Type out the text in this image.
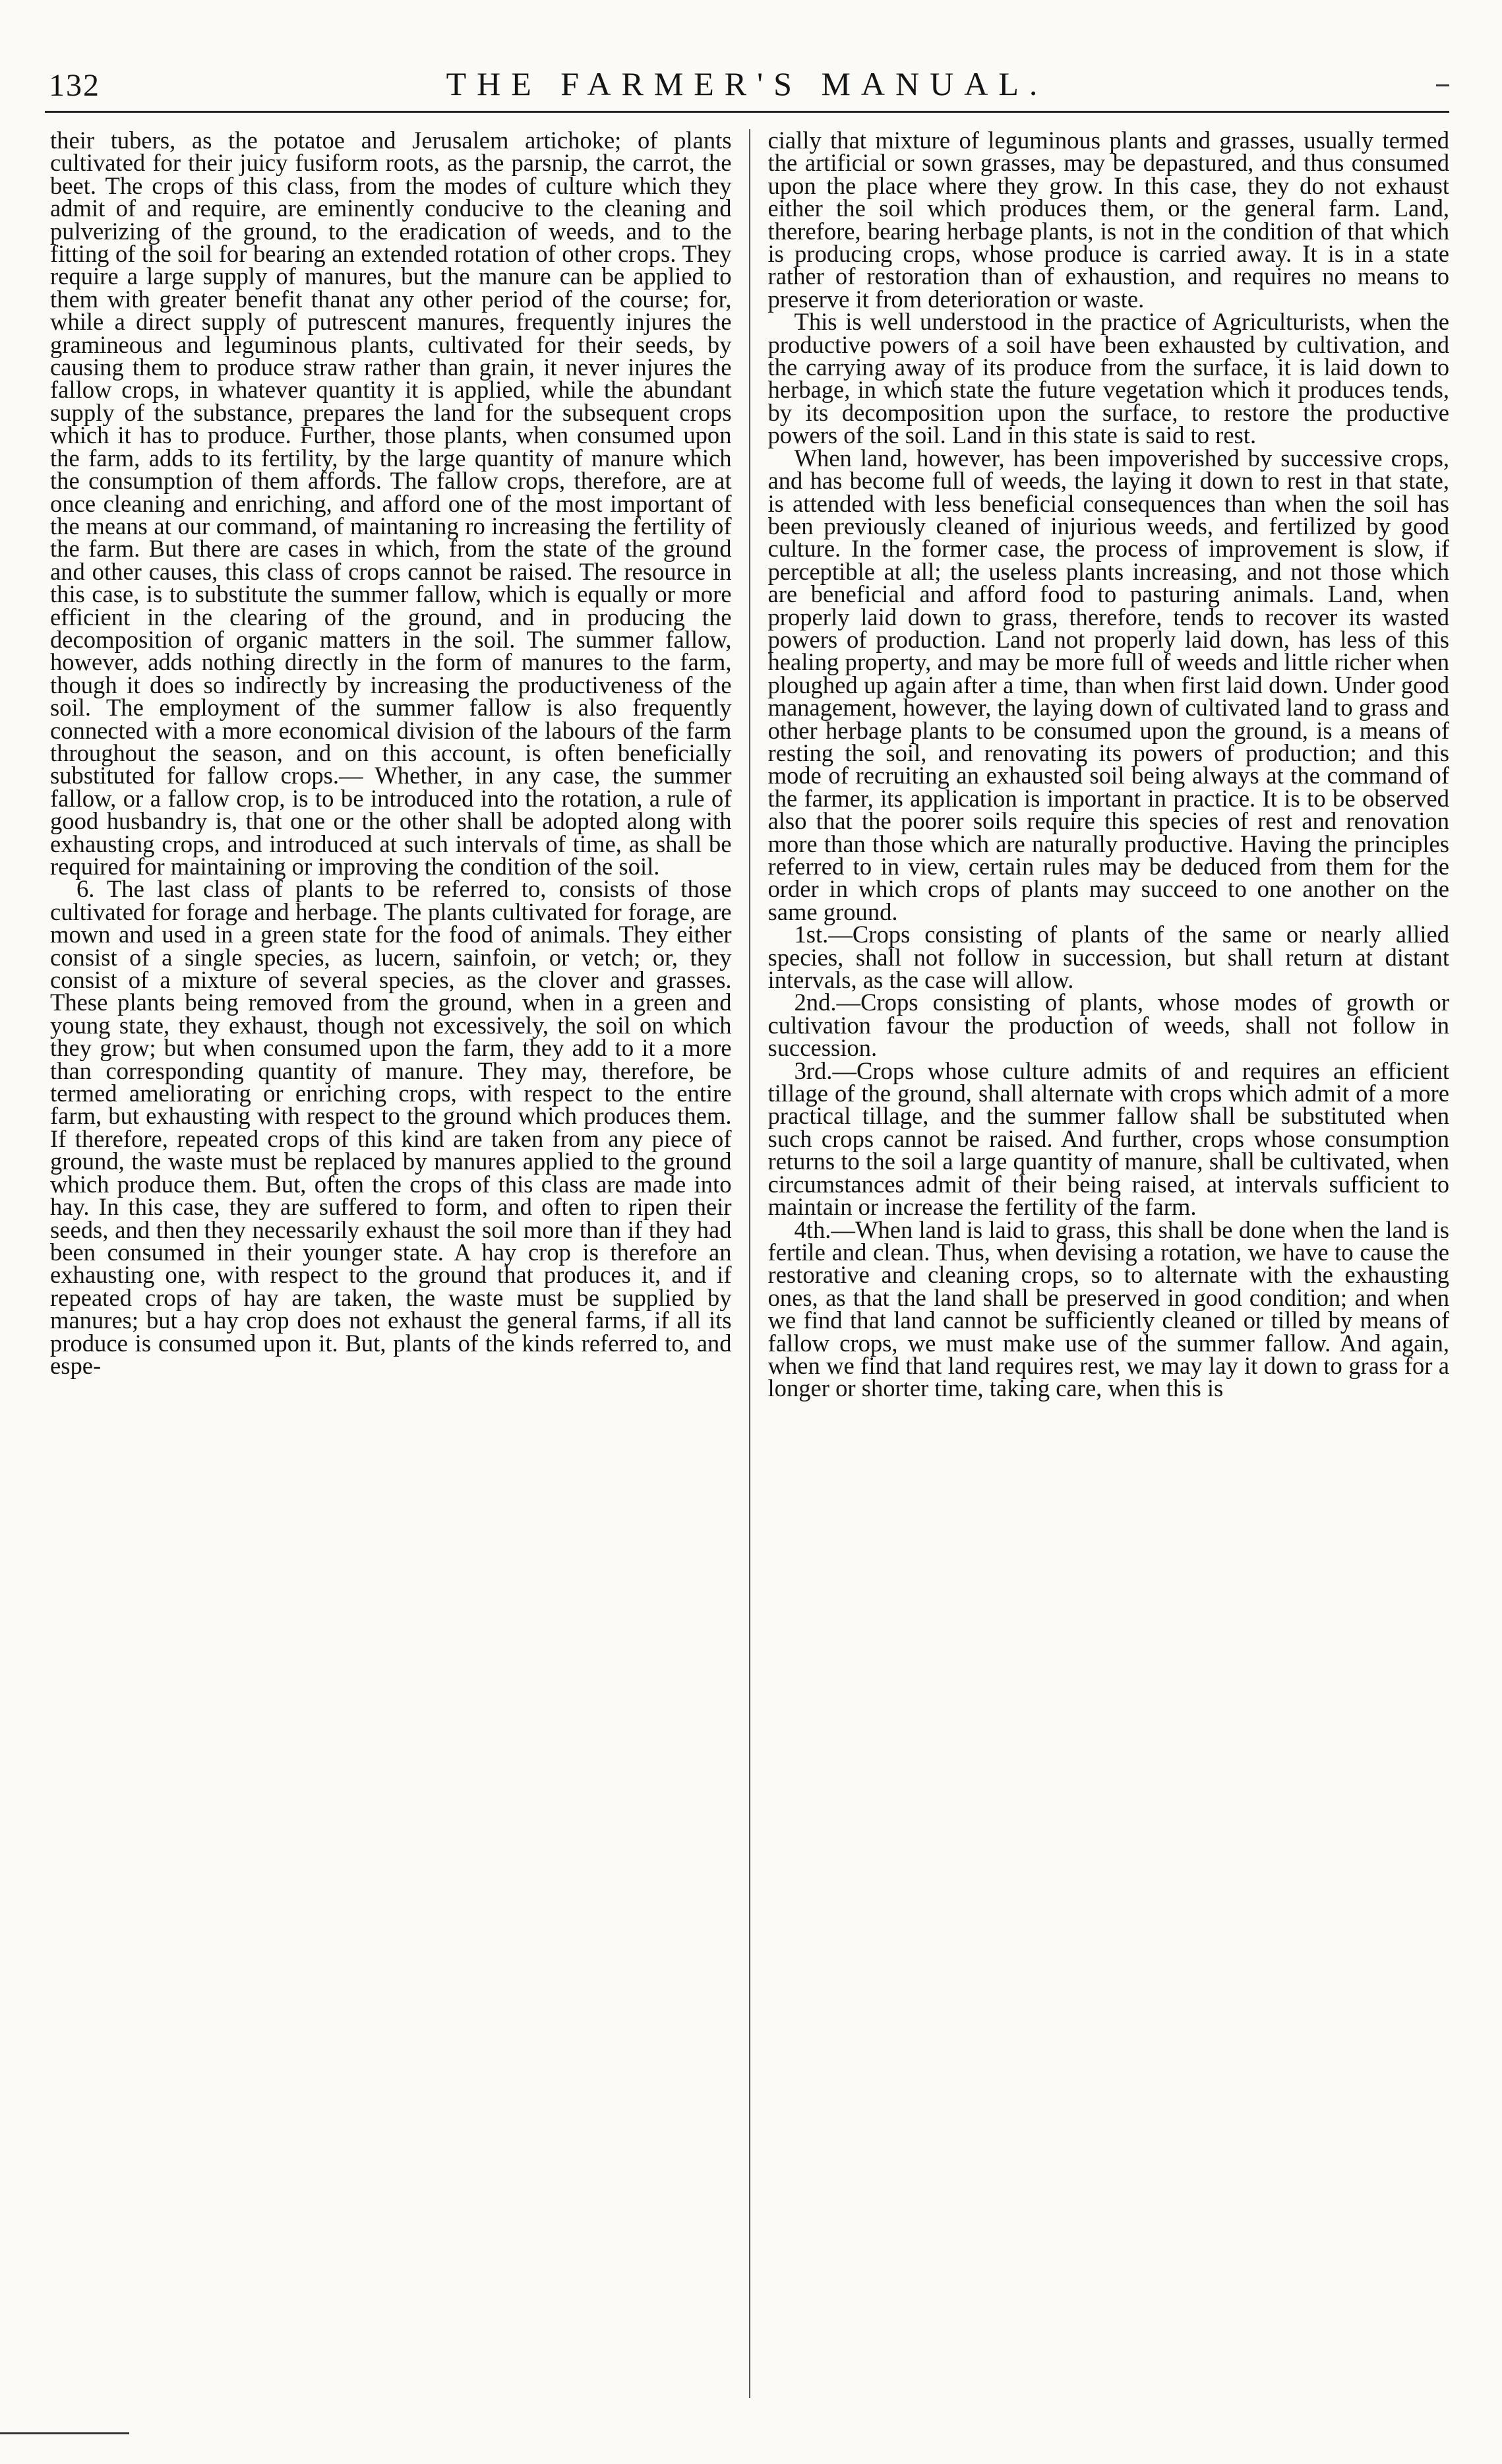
132	THE FARMER'S MANUAL.

their tubers, as the potatoe and Jerusalem artichoke; of plants cultivated for their juicy fusiform roots, as the parsnip, the carrot, the beet. The crops of this class, from the modes of culture which they admit of and require, are eminently conducive to the cleaning and pulverizing of the ground, to the eradication of weeds, and to the fitting of the soil for bearing an extended rotation of other crops. They require a large supply of manures, but the manure can be applied to them with greater benefit thanat any other period of the course; for, while a direct supply of putrescent manures, frequently injures the gramineous and leguminous plants, cultivated for their seeds, by causing them to produce straw rather than grain, it never injures the fallow crops, in whatever quantity it is applied, while the abundant supply of the substance, prepares the land for the subsequent crops which it has to produce. Further, those plants, when consumed upon the farm, adds to its fertility, by the large quantity of manure which the consumption of them affords. The fallow crops, therefore, are at once cleaning and enriching, and afford one of the most important of the means at our command, of maintaning ro increasing the fertility of the farm. But there are cases in which, from the state of the ground and other causes, this class of crops cannot be raised. The resource in this case, is to substitute the summer fallow, which is equally or more efficient in the clearing of the ground, and in producing the decomposition of organic matters in the soil. The summer fallow, however, adds nothing directly in the form of manures to the farm, though it does so indirectly by increasing the productiveness of the soil. The employment of the summer fallow is also frequently connected with a more economical division of the labours of the farm throughout the season, and on this account, is often beneficially substituted for fallow crops.— Whether, in any case, the summer fallow, or a fallow crop, is to be introduced into the rotation, a rule of good husbandry is, that one or the other shall be adopted along with exhausting crops, and introduced at such intervals of time, as shall be required for maintaining or improving the condition of the soil.

6. The last class of plants to be referred to, consists of those cultivated for forage and herbage. The plants cultivated for forage, are mown and used in a green state for the food of animals. They either consist of a single species, as lucern, sainfoin, or vetch; or, they consist of a mixture of several species, as the clover and grasses. These plants being removed from the ground, when in a green and young state, they exhaust, though not excessively, the soil on which they grow; but when consumed upon the farm, they add to it a more than corresponding quantity of manure. They may, therefore, be termed ameliorating or enriching crops, with respect to the entire farm, but exhausting with respect to the ground which produces them. If therefore, repeated crops of this kind are taken from any piece of ground, the waste must be replaced by manures applied to the ground which produce them. But, often the crops of this class are made into hay. In this case, they are suffered to form, and often to ripen their seeds, and then they necessarily exhaust the soil more than if they had been consumed in their younger state. A hay crop is therefore an exhausting one, with respect to the ground that produces it, and if repeated crops of hay are taken, the waste must be supplied by manures; but a hay crop does not exhaust the general farms, if all its produce is consumed upon it. But, plants of the kinds referred to, and espe-

cially that mixture of leguminous plants and grasses, usually termed the artificial or sown grasses, may be depastured, and thus consumed upon the place where they grow. In this case, they do not exhaust either the soil which produces them, or the general farm. Land, therefore, bearing herbage plants, is not in the condition of that which is producing crops, whose produce is carried away. It is in a state rather of restoration than of exhaustion, and requires no means to preserve it from deterioration or waste.

This is well understood in the practice of Agriculturists, when the productive powers of a soil have been exhausted by cultivation, and the carrying away of its produce from the surface, it is laid down to herbage, in which state the future vegetation which it produces tends, by its decomposition upon the surface, to restore the productive powers of the soil. Land in this state is said to rest.

When land, however, has been impoverished by successive crops, and has become full of weeds, the laying it down to rest in that state, is attended with less beneficial consequences than when the soil has been previously cleaned of injurious weeds, and fertilized by good culture. In the former case, the process of improvement is slow, if perceptible at all; the useless plants increasing, and not those which are beneficial and afford food to pasturing animals. Land, when properly laid down to grass, therefore, tends to recover its wasted powers of production. Land not properly laid down, has less of this healing property, and may be more full of weeds and little richer when ploughed up again after a time, than when first laid down. Under good management, however, the laying down of cultivated land to grass and other herbage plants to be consumed upon the ground, is a means of resting the soil, and renovating its powers of production; and this mode of recruiting an exhausted soil being always at the command of the farmer, its application is important in practice. It is to be observed also that the poorer soils require this species of rest and renovation more than those which are naturally productive. Having the principles referred to in view, certain rules may be deduced from them for the order in which crops of plants may succeed to one another on the same ground.

1st.—Crops consisting of plants of the same or nearly allied species, shall not follow in succession, but shall return at distant intervals, as the case will allow.

2nd.—Crops consisting of plants, whose modes of growth or cultivation favour the production of weeds, shall not follow in succession.

3rd.—Crops whose culture admits of and requires an efficient tillage of the ground, shall alternate with crops which admit of a more practical tillage, and the summer fallow shall be substituted when such crops cannot be raised. And further, crops whose consumption returns to the soil a large quantity of manure, shall be cultivated, when circumstances admit of their being raised, at intervals sufficient to maintain or increase the fertility of the farm.

4th.—When land is laid to grass, this shall be done when the land is fertile and clean. Thus, when devising a rotation, we have to cause the restorative and cleaning crops, so to alternate with the exhausting ones, as that the land shall be preserved in good condition; and when we find that land cannot be sufficiently cleaned or tilled by means of fallow crops, we must make use of the summer fallow. And again, when we find that land requires rest, we may lay it down to grass for a longer or shorter time, taking care, when this is
